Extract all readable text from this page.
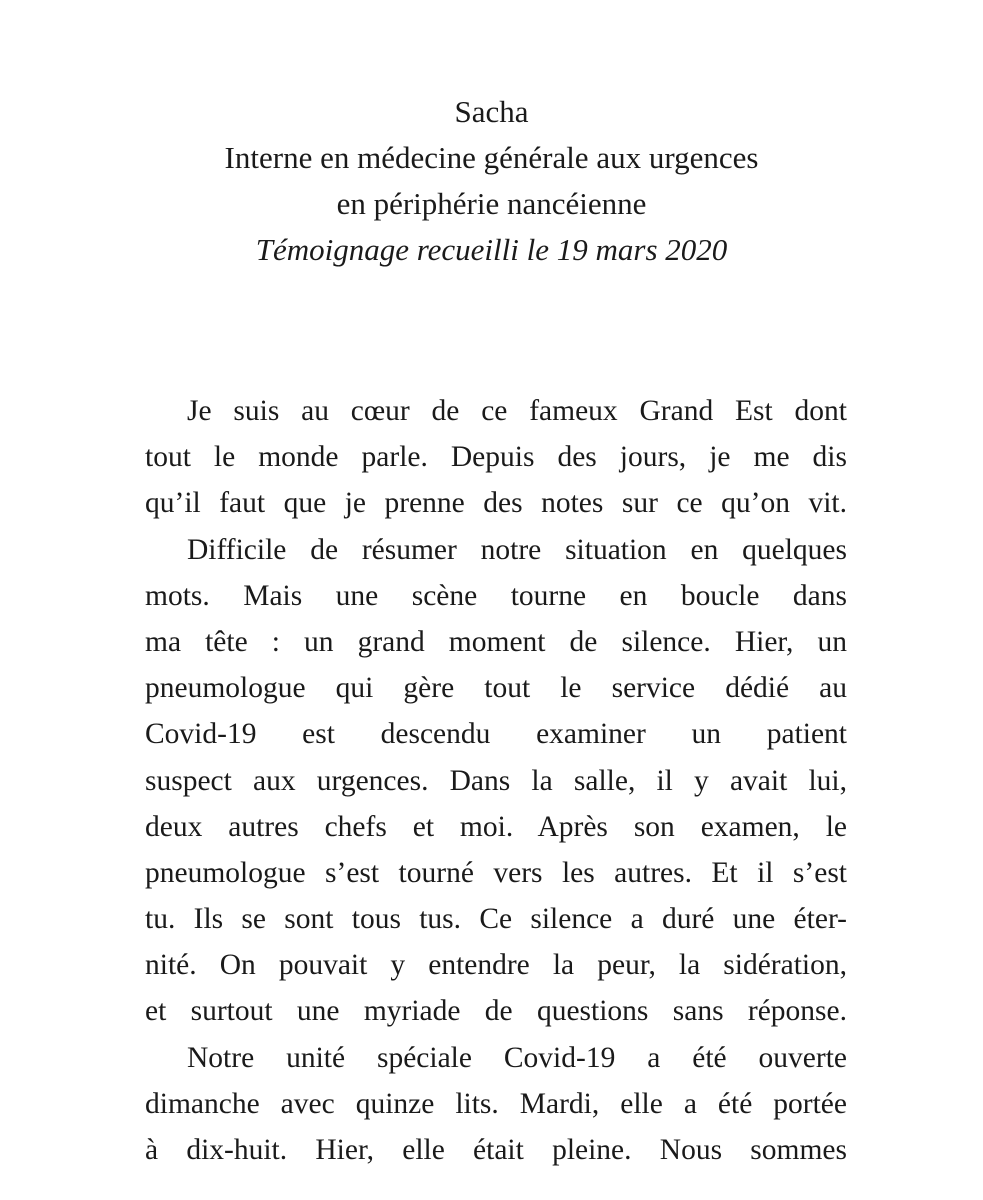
Sacha
Interne en médecine générale aux urgences
en périphérie nancéienne
Témoignage recueilli le 19 mars 2020
Je suis au cœur de ce fameux Grand Est dont
tout le monde parle. Depuis des jours, je me dis
qu’il faut que je prenne des notes sur ce qu’on vit.
Difficile de résumer notre situation en quelques
mots. Mais une scène tourne en boucle dans
ma tête : un grand moment de silence. Hier, un
pneumologue qui gère tout le service dédié au
Covid-19 est descendu examiner un patient
suspect aux urgences. Dans la salle, il y avait lui,
deux autres chefs et moi. Après son examen, le
pneumologue s’est tourné vers les autres. Et il s’est
tu. Ils se sont tous tus. Ce silence a duré une éter-
nité. On pouvait y entendre la peur, la sidération,
et surtout une myriade de questions sans réponse.
Notre unité spéciale Covid-19 a été ouverte
dimanche avec quinze lits. Mardi, elle a été portée
à dix-huit. Hier, elle était pleine. Nous sommes
